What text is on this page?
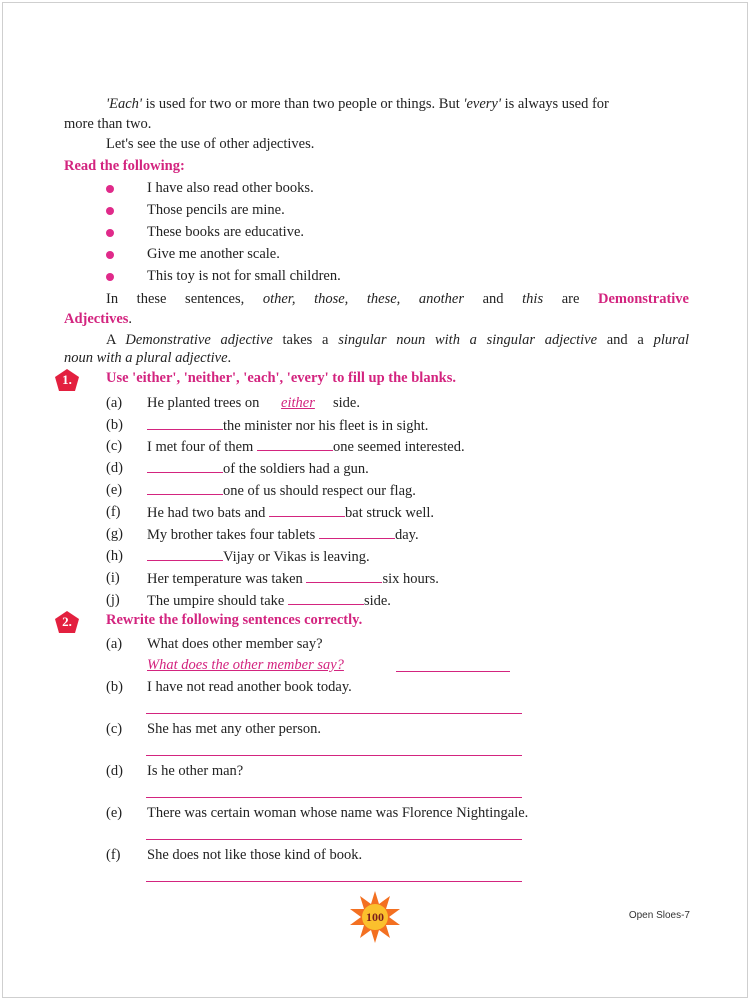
'Each' is used for two or more than two people or things. But 'every' is always used for
more than two.
Let's see the use of other adjectives.
Read the following:
I have also read other books.
Those pencils are mine.
These books are educative.
Give me another scale.
This toy is not for small children.
In these sentences, other, those, these, another and this are Demonstrative
Adjectives.
A Demonstrative adjective takes a singular noun with a singular adjective and a plural
noun with a plural adjective.
1.	Use 'either', 'neither', 'each', 'every' to fill up the blanks.
(a) He planted trees on either side.
(b)	the minister nor his fleet is in sight.
(c) I met four of them	one seemed interested.
(d)	of the soldiers had a gun.
(e)	one of us should respect our flag.
(f) He had two bats and	bat struck well.
(g) My brother takes four tablets	day.
(h)	Vijay or Vikas is leaving.
(i) Her temperature was taken	six hours.
(j) The umpire should take	side.
2.	Rewrite the following sentences correctly.
(a) What does other member say?
What does the other member say?
(b) I have not read another book today.
(c) She has met any other person.
(d) Is he other man?
(e) There was certain woman whose name was Florence Nightingale.
(f) She does not like those kind of book.
100	Open Sloes-7
